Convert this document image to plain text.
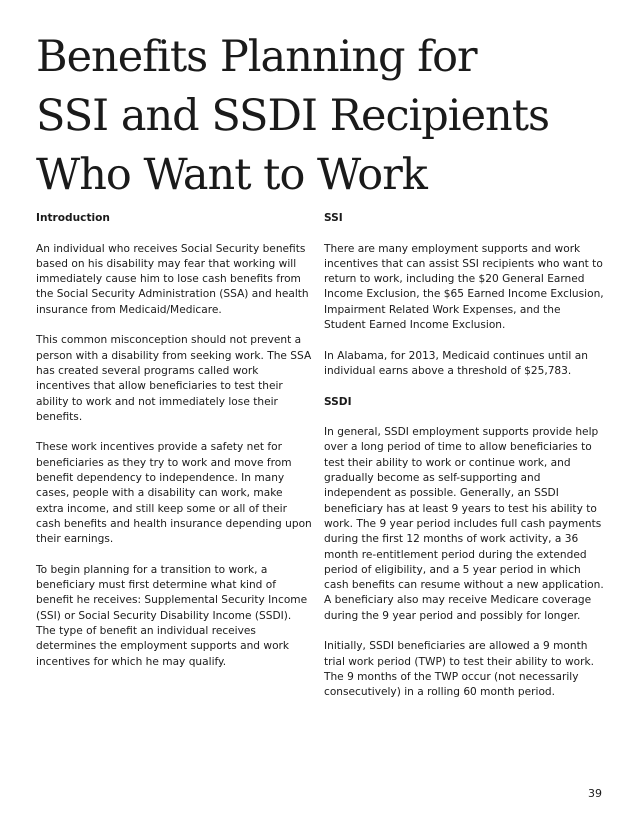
Benefits Planning for
SSI and SSDI Recipients
Who Want to Work
Introduction

An individual who receives Social Security benefits based on his disability may fear that working will immediately cause him to lose cash benefits from the Social Security Administration (SSA) and health insurance from Medicaid/Medicare.

This common misconception should not prevent a person with a disability from seeking work. The SSA has created several programs called work incentives that allow beneficiaries to test their ability to work and not immediately lose their benefits.

These work incentives provide a safety net for beneficiaries as they try to work and move from benefit dependency to independence. In many cases, people with a disability can work, make extra income, and still keep some or all of their cash benefits and health insurance depending upon their earnings.

To begin planning for a transition to work, a beneficiary must first determine what kind of benefit he receives: Supplemental Security Income (SSI) or Social Security Disability Income (SSDI). The type of benefit an individual receives determines the employment supports and work incentives for which he may qualify.

SSI

There are many employment supports and work incentives that can assist SSI recipients who want to return to work, including the $20 General Earned Income Exclusion, the $65 Earned Income Exclusion, Impairment Related Work Expenses, and the Student Earned Income Exclusion.

In Alabama, for 2013, Medicaid continues until an individual earns above a threshold of $25,783.

SSDI

In general, SSDI employment supports provide help over a long period of time to allow beneficiaries to test their ability to work or continue work, and gradually become as self-supporting and independent as possible. Generally, an SSDI beneficiary has at least 9 years to test his ability to work. The 9 year period includes full cash payments during the first 12 months of work activity, a 36 month re-entitlement period during the extended period of eligibility, and a 5 year period in which cash benefits can resume without a new application. A beneficiary also may receive Medicare coverage during the 9 year period and possibly for longer.

Initially, SSDI beneficiaries are allowed a 9 month trial work period (TWP) to test their ability to work. The 9 months of the TWP occur (not necessarily consecutively) in a rolling 60 month period.

39
